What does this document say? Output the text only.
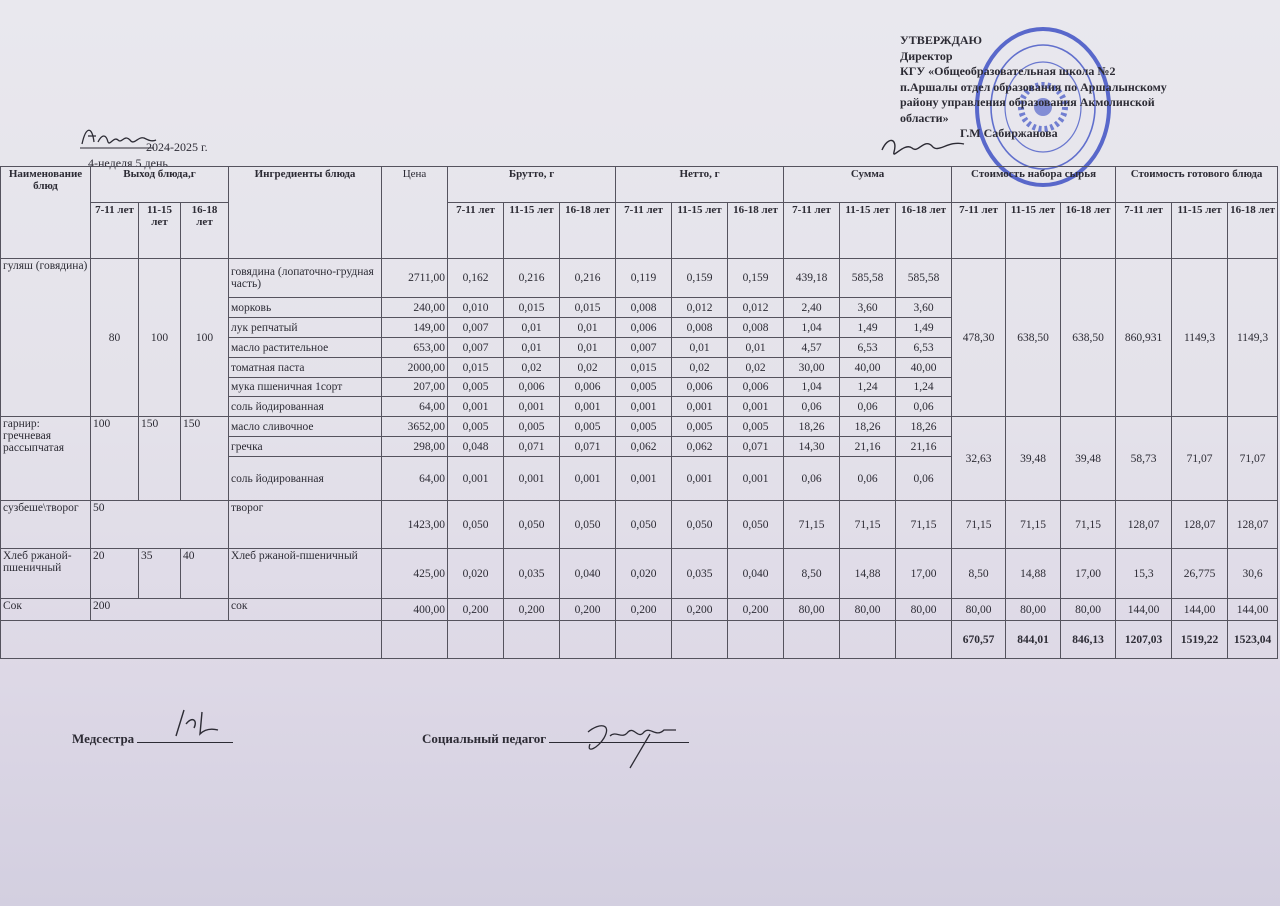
УТВЕРЖДАЮ
Директор
КГУ «Общеобразовательная школа №2
п.Аршалы отдел образования по Аршалынскому
району управления образования Акмолинской
области»
Г.М Сабиржанова
2024-2025 г.
4-неделя 5 день
Наименование блюд	Выход блюда,г			Ингредиенты блюда	Цена	Брутто, г			Нетто, г			Сумма			Стоимость набора сырья			Стоимость готового блюда		
	7-11 лет	11-15 лет	16-18 лет			7-11 лет	11-15 лет	16-18 лет	7-11 лет	11-15 лет	16-18 лет	7-11 лет	11-15 лет	16-18 лет	7-11 лет	11-15 лет	16-18 лет	7-11 лет	11-15 лет	16-18 лет
гуляш (говядина)	80	100	100	говядина (лопаточно-грудная часть)	2711,00	0,162	0,216	0,216	0,119	0,159	0,159	439,18	585,58	585,58	478,30	638,50	638,50	860,931	1149,3	1149,3
				морковь	240,00	0,010	0,015	0,015	0,008	0,012	0,012	2,40	3,60	3,60						
				лук репчатый	149,00	0,007	0,01	0,01	0,006	0,008	0,008	1,04	1,49	1,49						
				масло растительное	653,00	0,007	0,01	0,01	0,007	0,01	0,01	4,57	6,53	6,53						
				томатная паста	2000,00	0,015	0,02	0,02	0,015	0,02	0,02	30,00	40,00	40,00						
				мука пшеничная 1сорт	207,00	0,005	0,006	0,006	0,005	0,006	0,006	1,04	1,24	1,24						
				соль йодированная	64,00	0,001	0,001	0,001	0,001	0,001	0,001	0,06	0,06	0,06						
гарнир: гречневая рассыпчатая	100	150	150	масло сливочное	3652,00	0,005	0,005	0,005	0,005	0,005	0,005	18,26	18,26	18,26	32,63	39,48	39,48	58,73	71,07	71,07
				гречка	298,00	0,048	0,071	0,071	0,062	0,062	0,071	14,30	21,16	21,16						
				соль йодированная	64,00	0,001	0,001	0,001	0,001	0,001	0,001	0,06	0,06	0,06						
сузбеше\творог	50			творог	1423,00	0,050	0,050	0,050	0,050	0,050	0,050	71,15	71,15	71,15	71,15	71,15	71,15	128,07	128,07	128,07
Хлеб ржаной-пшеничный	20	35	40	Хлеб ржаной-пшеничный	425,00	0,020	0,035	0,040	0,020	0,035	0,040	8,50	14,88	17,00	8,50	14,88	17,00	15,3	26,775	30,6
Сок	200			сок	400,00	0,200	0,200	0,200	0,200	0,200	0,200	80,00	80,00	80,00	80,00	80,00	80,00	144,00	144,00	144,00
															670,57	844,01	846,13	1207,03	1519,22	1523,04
Медсестра	Социальный педагог
